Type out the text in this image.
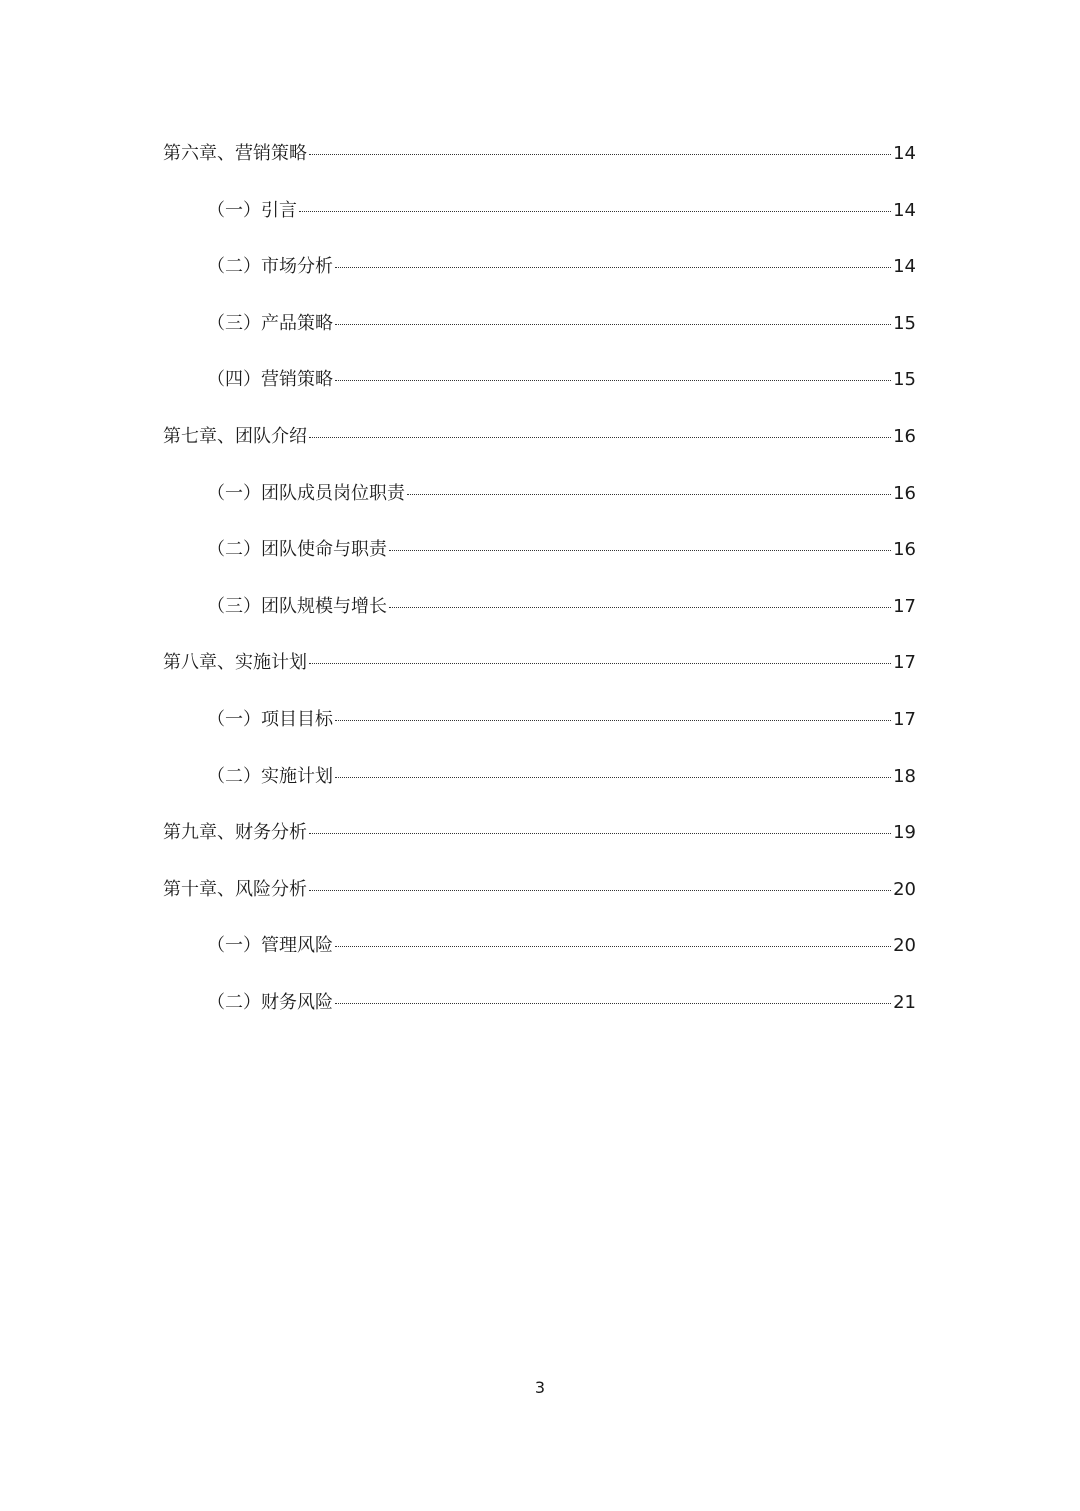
第六章、营销策略	14
（一）引言	14
（二）市场分析	14
（三）产品策略	15
（四）营销策略	15
第七章、团队介绍	16
（一）团队成员岗位职责	16
（二）团队使命与职责	16
（三）团队规模与增长	17
第八章、实施计划	17
（一）项目目标	17
（二）实施计划	18
第九章、财务分析	19
第十章、风险分析	20
（一）管理风险	20
（二）财务风险	21
3
